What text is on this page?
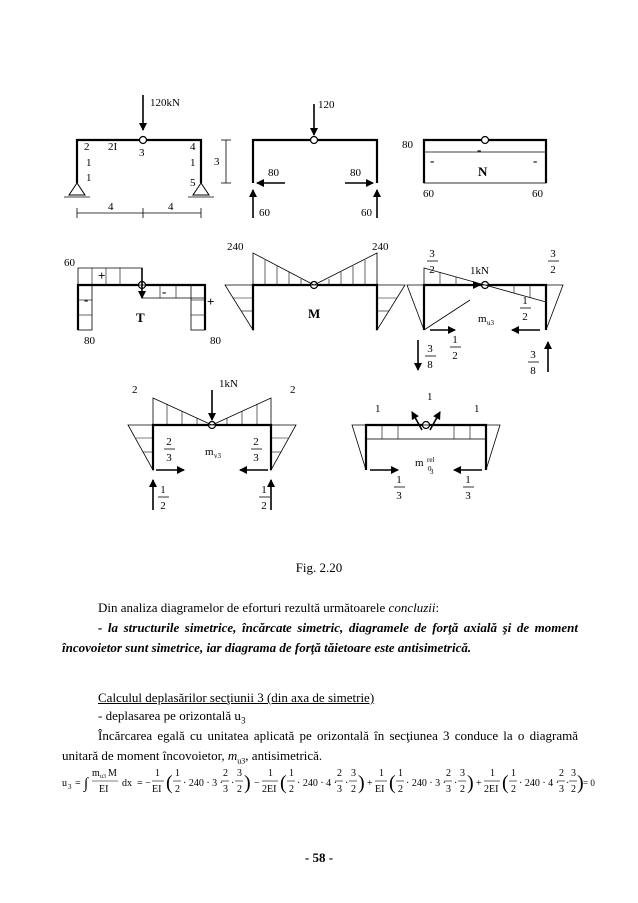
120kN
2 2I 3	4
1
1
1
5
4	4
3
120
80	80
60	60
80
-
-
-
N
60	60
60
+
-
-
+
T
80	80
240	240
M
1kN
3
2
3
2
m u3
1
2
1
2
3
8
3
8
1kN
2	2
m v3
2
3
2
3
1
2
1
2
1
1
1
m 0
rel
3
1
3
1
3
Fig. 2.20
Din analiza diagramelor de eforturi rezultă următoarele concluzii:
- la structurile simetrice, încărcate simetric, diagramele de forţă axială şi de moment încovoietor sunt simetrice, iar diagrama de forţă tăietoare este antisimetrică.
Calculul deplasărilor secţiunii 3 (din axa de simetrie)
- deplasarea pe orizontală $u_3$
Încărcarea egală cu unitatea aplicată pe orizontală în secţiunea 3 conduce la o diagramă unitară de moment încovoietor, $m_{u3}$, antisimetrică.
u 3 = ∫
m u3 M
EI
dx = −
1
EI ( 1
2
· 240 · 3 ·
2
3
·
3
2 ) −
1
2EI ( 1
2
· 240 · 4 ·
2
3
·
3
2 ) +
1
EI ( 1
2
· 240 · 3 ·
2
3
·
3
2 ) +
1
2EI ( 1
2
· 240 · 4 ·
2
3
·
3
2 ) = 0
- 58 -
